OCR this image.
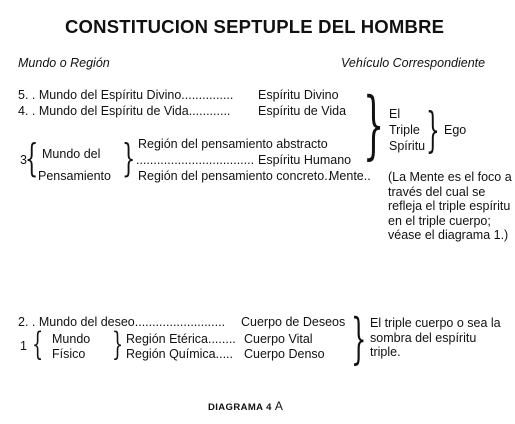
CONSTITUCION SEPTUPLE DEL HOMBRE
Mundo o Región	Vehículo Correspondiente
5. . Mundo del Espíritu Divino............... Espíritu Divino
4. . Mundo del Espíritu de Vida............ Espíritu de Vida
3
{ Mundo del
Pensamiento } Región del pensamiento abstracto
.................................. Espíritu Humano
Región del pensamiento concreto..
Mente..
} El
Triple
Spíritu } Ego
(La Mente es el foco a través del cual se refleja el triple espíritu en el triple cuerpo; véase el diagrama 1.)
2. . Mundo del deseo.......................... Cuerpo de Deseos
1 { Mundo
Físico } Región Etérica........ Cuerpo Vital
Región Química..... Cuerpo Denso } El triple cuerpo o sea la sombra del espíritu triple.
DIAGRAMA 4 A
